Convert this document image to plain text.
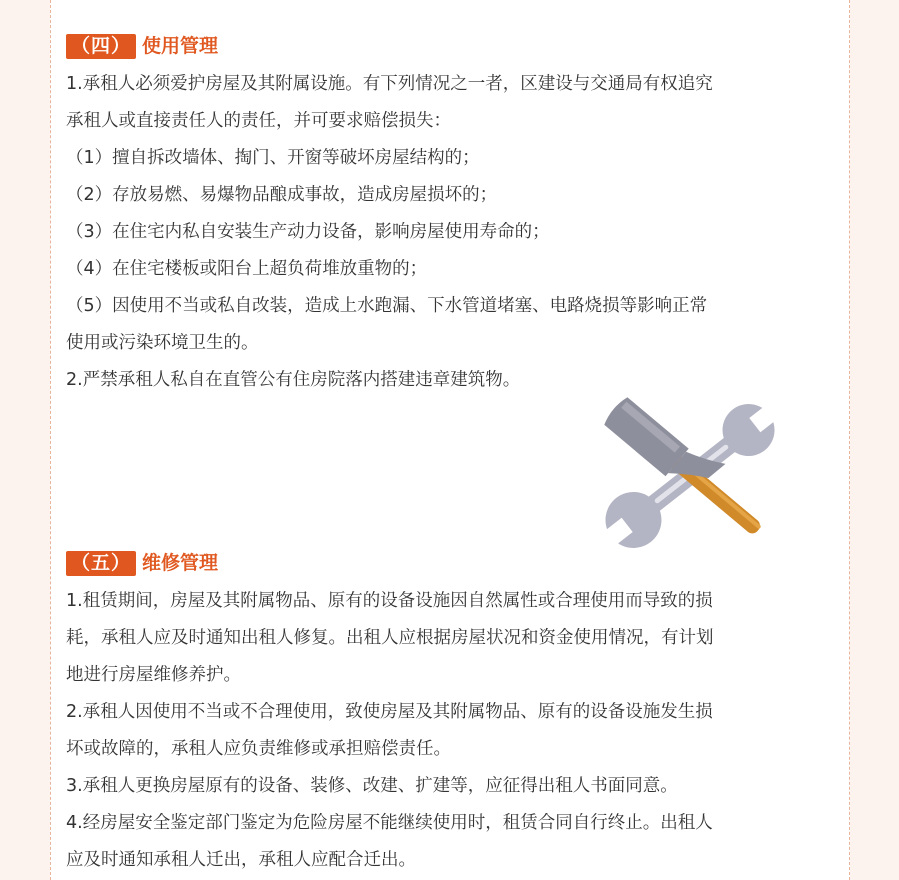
（四） 使用管理
1.承租人必须爱护房屋及其附属设施。有下列情况之一者，区建设与交通局有权追究
承租人或直接责任人的责任，并可要求赔偿损失：
（1）擅自拆改墙体、掏门、开窗等破坏房屋结构的；
（2）存放易燃、易爆物品酿成事故，造成房屋损坏的；
（3）在住宅内私自安装生产动力设备，影响房屋使用寿命的；
（4）在住宅楼板或阳台上超负荷堆放重物的；
（5）因使用不当或私自改装，造成上水跑漏、下水管道堵塞、电路烧损等影响正常
使用或污染环境卫生的。
2.严禁承租人私自在直管公有住房院落内搭建违章建筑物。
（五） 维修管理
1.租赁期间，房屋及其附属物品、原有的设备设施因自然属性或合理使用而导致的损
耗，承租人应及时通知出租人修复。出租人应根据房屋状况和资金使用情况，有计划
地进行房屋维修养护。
2.承租人因使用不当或不合理使用，致使房屋及其附属物品、原有的设备设施发生损
坏或故障的，承租人应负责维修或承担赔偿责任。
3.承租人更换房屋原有的设备、装修、改建、扩建等，应征得出租人书面同意。
4.经房屋安全鉴定部门鉴定为危险房屋不能继续使用时，租赁合同自行终止。出租人
应及时通知承租人迁出，承租人应配合迁出。
